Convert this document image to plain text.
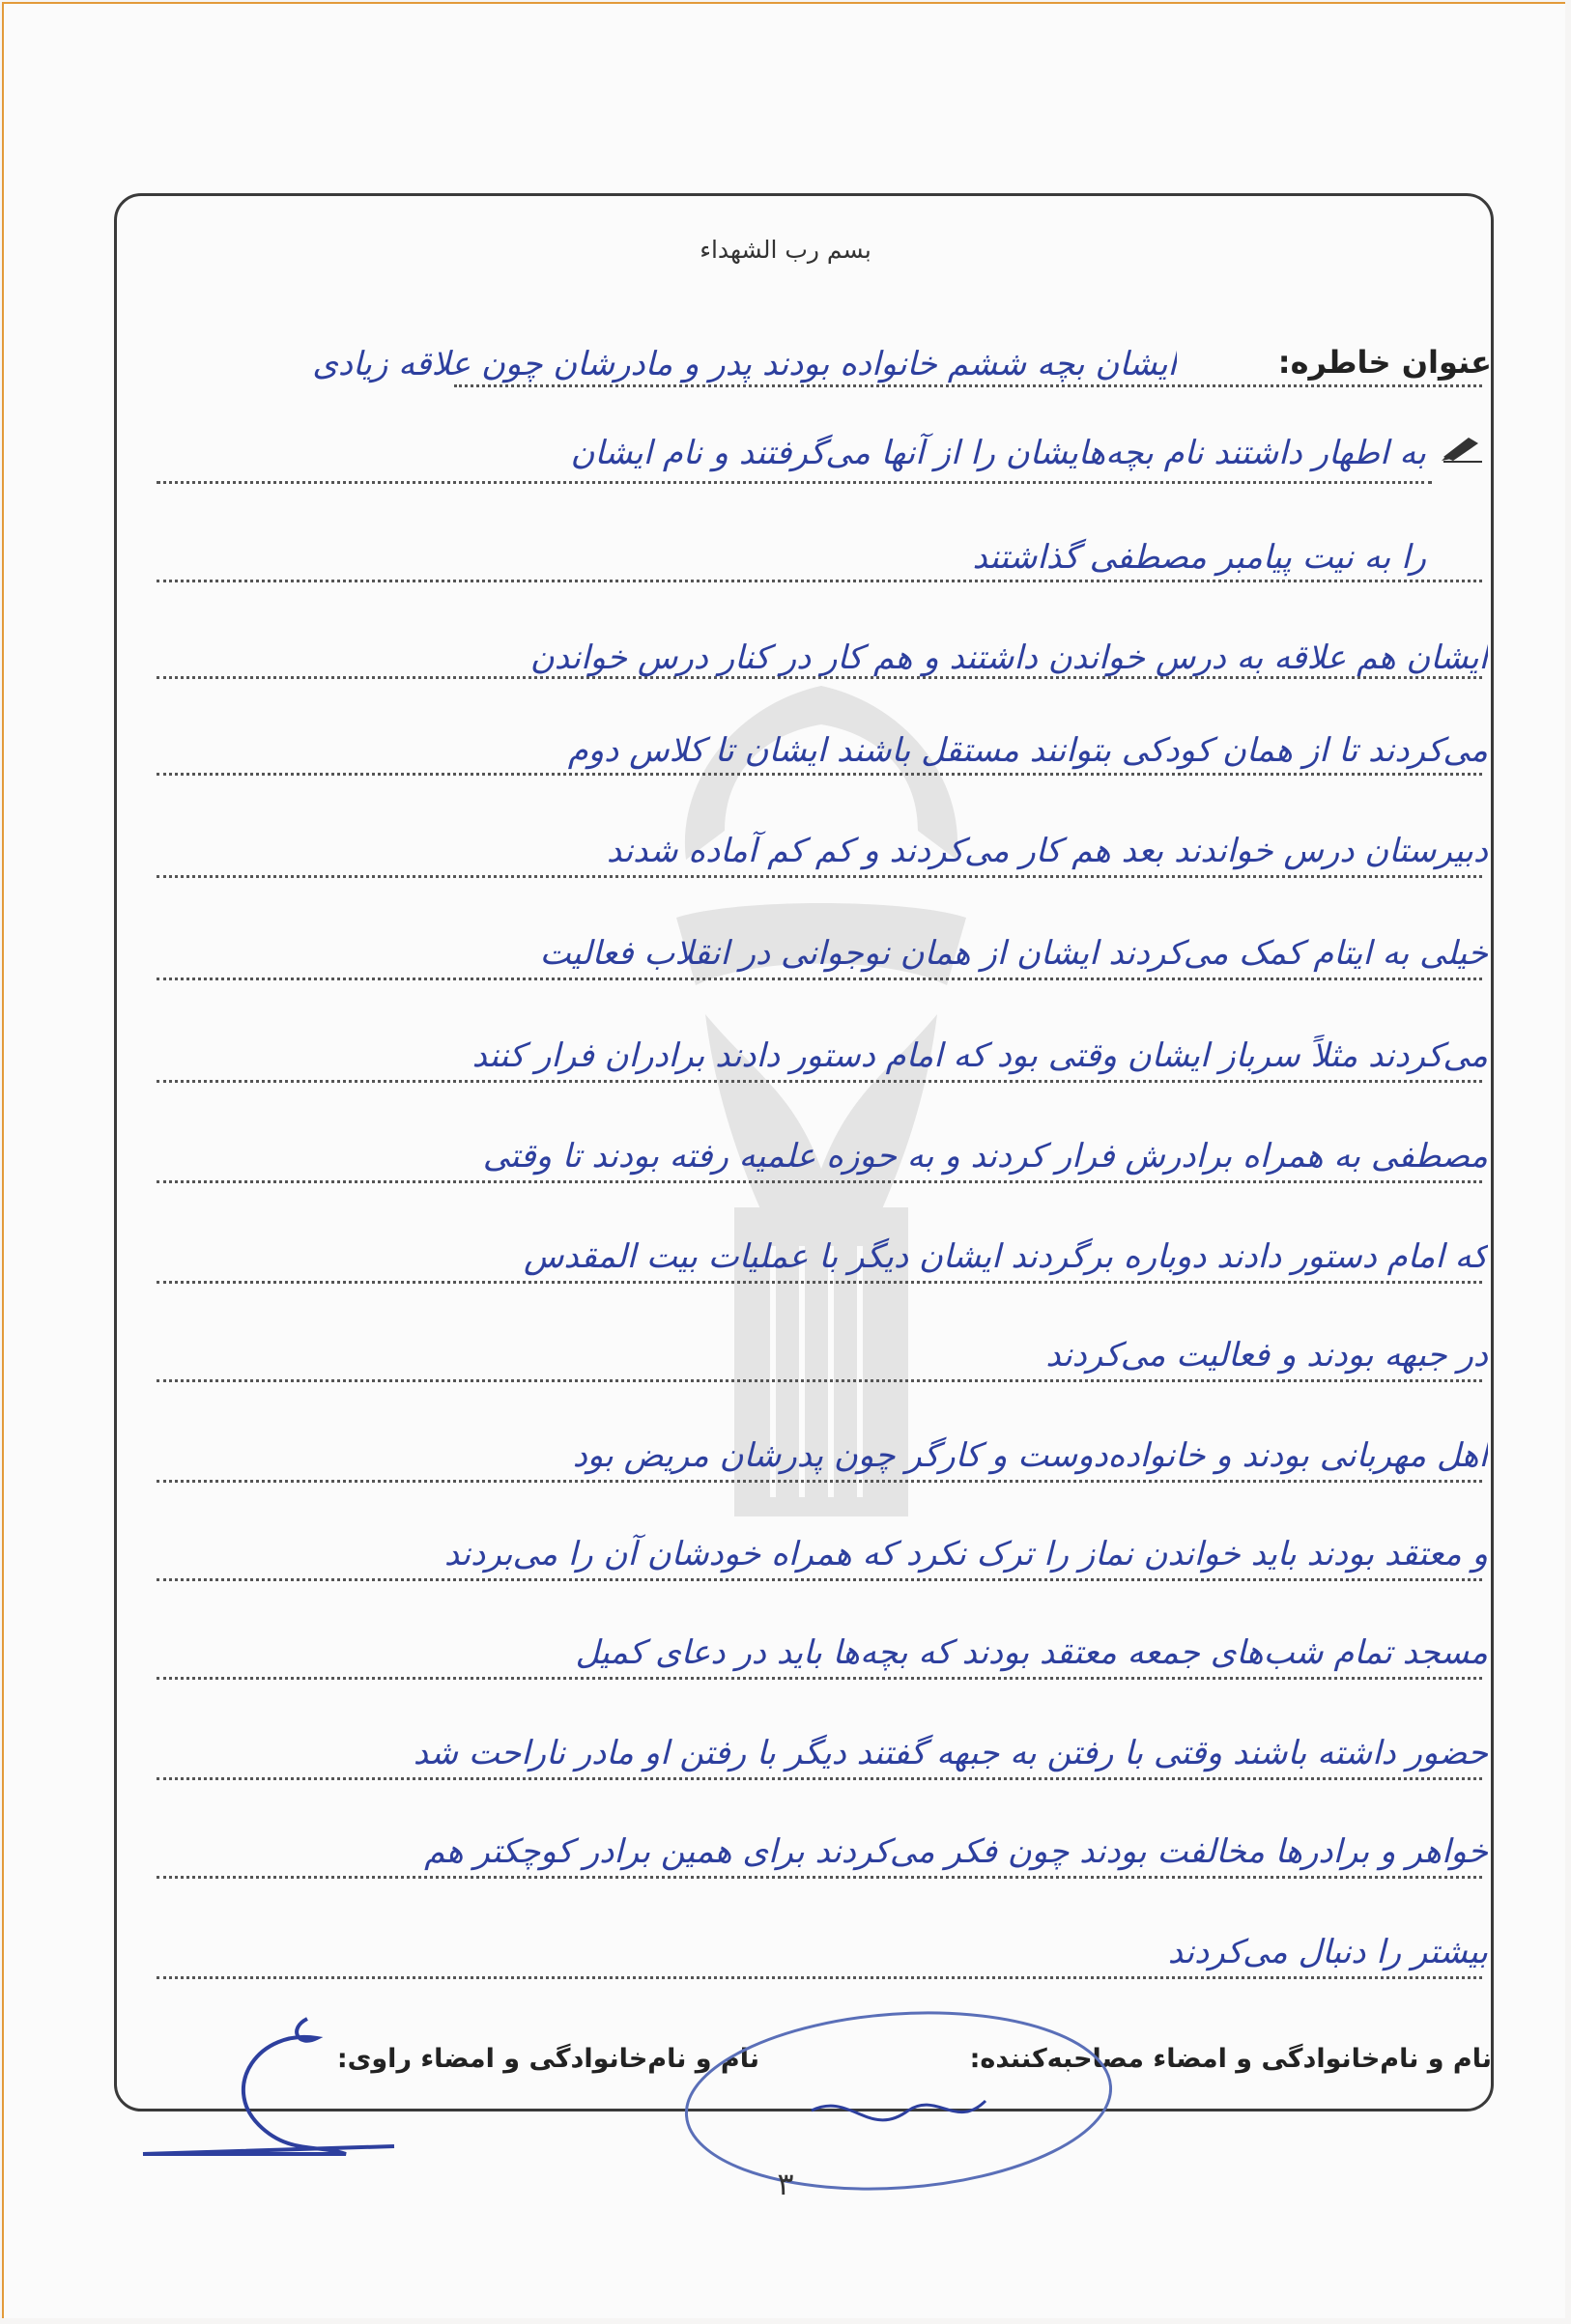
بسم رب الشهداء
عنوان خاطره:
ایشان بچه ششم خانواده بودند پدر و مادرشان چون علاقه زیادی
به اطهار داشتند نام بچه‌هایشان را از آنها می‌گرفتند و نام ایشان
را به نیت پیامبر مصطفی گذاشتند
ایشان هم علاقه به درس خواندن داشتند و هم کار در کنار درس خواندن
می‌کردند تا از همان کودکی بتوانند مستقل باشند ایشان تا کلاس دوم
دبیرستان درس خواندند بعد هم کار می‌کردند و کم کم آماده شدند
خیلی به ایتام کمک می‌کردند ایشان از همان نوجوانی در انقلاب فعالیت
می‌کردند مثلاً سرباز ایشان وقتی بود که امام دستور دادند برادران فرار کنند
مصطفی به همراه برادرش فرار کردند و به حوزه علمیه رفته بودند تا وقتی
که امام دستور دادند دوباره برگردند ایشان دیگر با عملیات بیت المقدس
در جبهه بودند و فعالیت می‌کردند
اهل مهربانی بودند و خانواده‌دوست و کارگر چون پدرشان مریض بود
و معتقد بودند باید خواندن نماز را ترک نکرد که همراه خودشان آن را می‌بردند
مسجد تمام شب‌های جمعه معتقد بودند که بچه‌ها باید در دعای کمیل
حضور داشته باشند وقتی با رفتن به جبهه گفتند دیگر با رفتن او مادر ناراحت شد
خواهر و برادرها مخالفت بودند چون فکر می‌کردند برای همین برادر کوچکتر هم
بیشتر را دنبال می‌کردند
نام و نام‌خانوادگی و امضاء مصاحبه‌کننده:
نام و نام‌خانوادگی و امضاء راوی:
۳
